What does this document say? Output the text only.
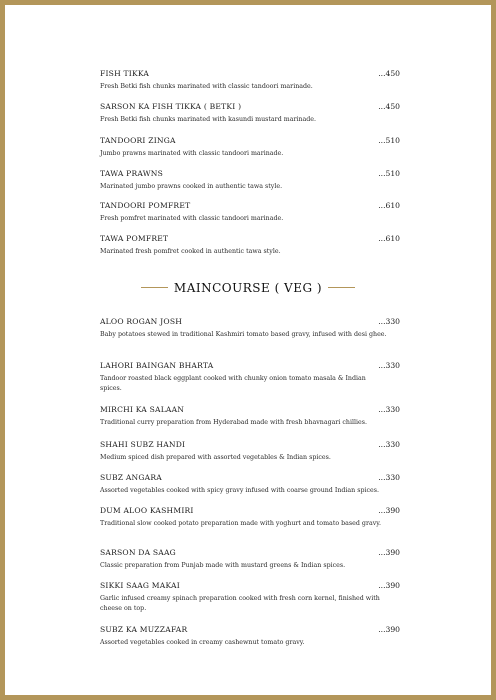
FISH TIKKA
Fresh Betki fish chunks marinated with classic tandoori marinade.
...450
SARSON KA FISH TIKKA ( BETKI )
Fresh Betki fish chunks marinated with kasundi mustard marinade.
...450
TANDOORI ZINGA
Jumbo prawns marinated with classic tandoori marinade.
...510
TAWA PRAWNS
Marinated jumbo prawns cooked in authentic tawa style.
...510
TANDOORI POMFRET
Fresh pomfret marinated with classic tandoori marinade.
...610
TAWA POMFRET
Marinated fresh pomfret cooked in authentic tawa style.
...610
MAINCOURSE ( VEG )
ALOO ROGAN JOSH
Baby potatoes stewed in traditional Kashmiri tomato based gravy, infused with desi ghee.
...330
LAHORI BAINGAN BHARTA
Tandoor roasted black eggplant cooked with chunky onion tomato masala & Indian spices.
...330
MIRCHI KA SALAAN
Traditional curry preparation from Hyderabad made with fresh bhavnagari chillies.
...330
SHAHI SUBZ HANDI
Medium spiced dish prepared with assorted vegetables & Indian spices.
...330
SUBZ ANGARA
Assorted vegetables cooked with spicy gravy infused with coarse ground Indian spices.
...330
DUM ALOO KASHMIRI
Traditional slow cooked potato preparation made with yoghurt and tomato based gravy.
...390
SARSON DA SAAG
Classic preparation from Punjab made with mustard greens & Indian spices.
...390
SIKKI SAAG MAKAI
Garlic infused creamy spinach preparation cooked with fresh corn kernel, finished with cheese on top.
...390
SUBZ KA MUZZAFAR
Assorted vegetables cooked in creamy cashewnut tomato gravy.
...390
